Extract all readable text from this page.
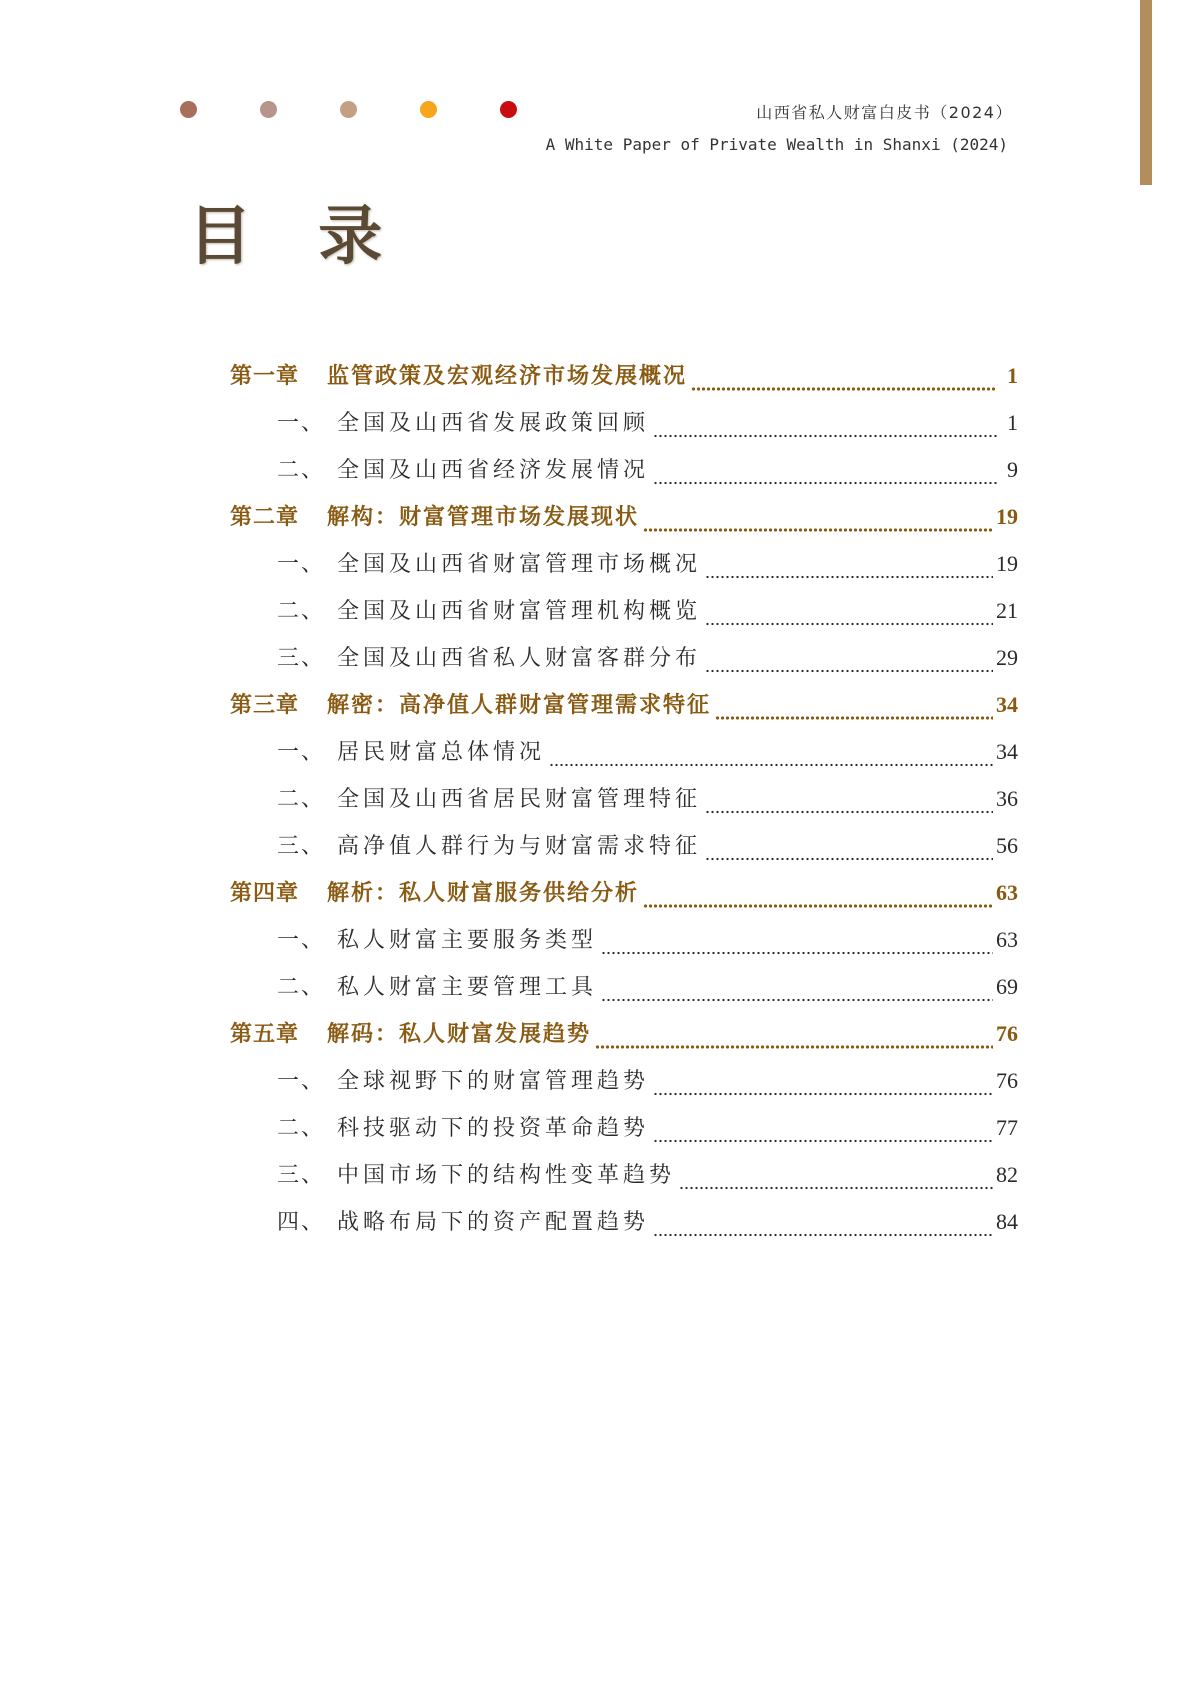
山西省私人财富白皮书（2024）
A White Paper of Private Wealth in Shanxi (2024)
目 录
第一章	监管政策及宏观经济市场发展概况	1
一、 全国及山西省发展政策回顾	1
二、 全国及山西省经济发展情况	9
第二章	解构：财富管理市场发展现状	19
一、 全国及山西省财富管理市场概况	19
二、 全国及山西省财富管理机构概览	21
三、 全国及山西省私人财富客群分布	29
第三章	解密：高净值人群财富管理需求特征	34
一、 居民财富总体情况	34
二、 全国及山西省居民财富管理特征	36
三、 高净值人群行为与财富需求特征	56
第四章	解析：私人财富服务供给分析	63
一、 私人财富主要服务类型	63
二、 私人财富主要管理工具	69
第五章	解码：私人财富发展趋势	76
一、 全球视野下的财富管理趋势	76
二、 科技驱动下的投资革命趋势	77
三、 中国市场下的结构性变革趋势	82
四、 战略布局下的资产配置趋势	84
